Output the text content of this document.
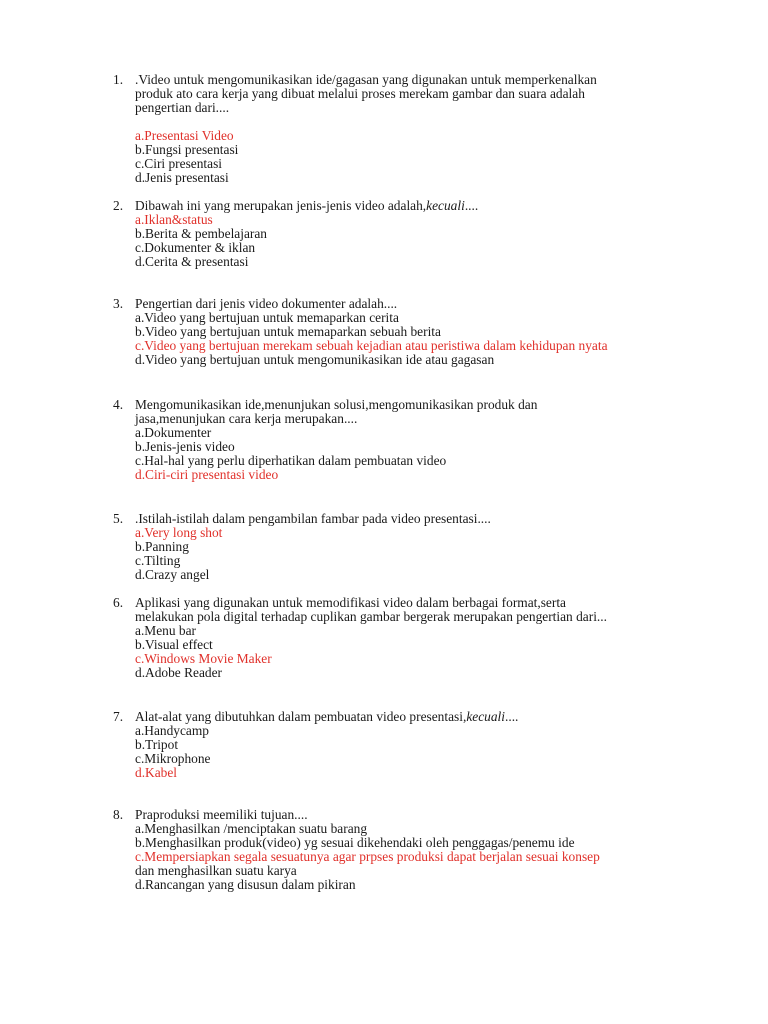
1. .Video untuk mengomunikasikan ide/gagasan yang digunakan untuk memperkenalkan
produk ato cara kerja yang dibuat melalui proses merekam gambar dan suara adalah
pengertian dari....
a.Presentasi Video
b.Fungsi presentasi
c.Ciri presentasi
d.Jenis presentasi
2. Dibawah ini yang merupakan jenis-jenis video adalah,kecuali....
a.Iklan&status
b.Berita & pembelajaran
c.Dokumenter & iklan
d.Cerita & presentasi
3. Pengertian dari jenis video dokumenter adalah....
a.Video yang bertujuan untuk memaparkan cerita
b.Video yang bertujuan untuk memaparkan sebuah berita
c.Video yang bertujuan merekam sebuah kejadian atau peristiwa dalam kehidupan nyata
d.Video yang bertujuan untuk mengomunikasikan ide atau gagasan
4. Mengomunikasikan ide,menunjukan solusi,mengomunikasikan produk dan
jasa,menunjukan cara kerja merupakan....
a.Dokumenter
b.Jenis-jenis video
c.Hal-hal yang perlu diperhatikan dalam pembuatan video
d.Ciri-ciri presentasi video
5. .Istilah-istilah dalam pengambilan fambar pada video presentasi....
a.Very long shot
b.Panning
c.Tilting
d.Crazy angel
6. Aplikasi yang digunakan untuk memodifikasi video dalam berbagai format,serta
melakukan pola digital terhadap cuplikan gambar bergerak merupakan pengertian dari...
a.Menu bar
b.Visual effect
c.Windows Movie Maker
d.Adobe Reader
7. Alat-alat yang dibutuhkan dalam pembuatan video presentasi,kecuali....
a.Handycamp
b.Tripot
c.Mikrophone
d.Kabel
8. Praproduksi meemiliki tujuan....
a.Menghasilkan /menciptakan suatu barang
b.Menghasilkan produk(video) yg sesuai dikehendaki oleh penggagas/penemu ide
c.Mempersiapkan segala sesuatunya agar prpses produksi dapat berjalan sesuai konsep
dan menghasilkan suatu karya
d.Rancangan yang disusun dalam pikiran
